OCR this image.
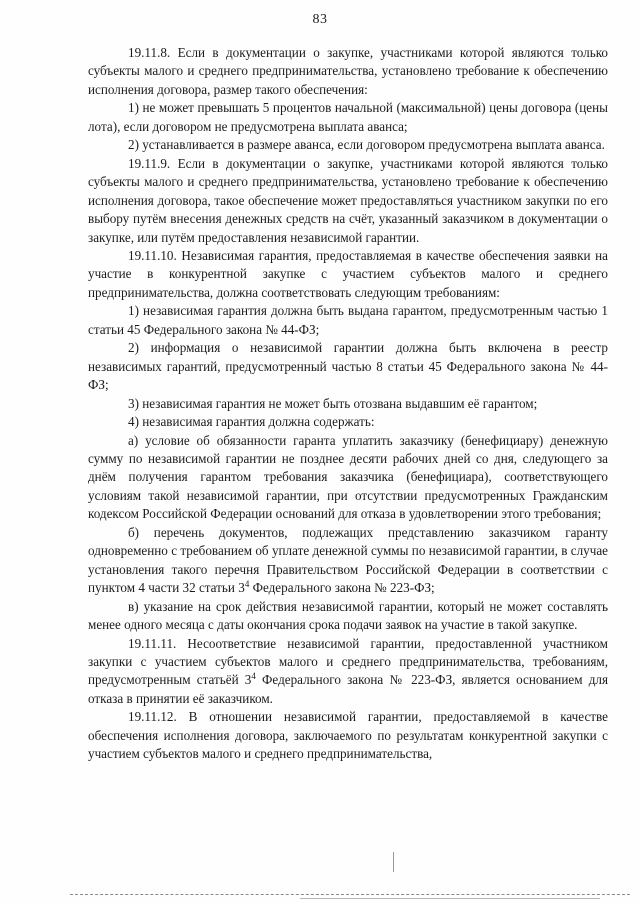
83

19.11.8. Если в документации о закупке, участниками которой являются только субъекты малого и среднего предпринимательства, установлено требование к обеспечению исполнения договора, размер такого обеспечения:

1) не может превышать 5 процентов начальной (максимальной) цены договора (цены лота), если договором не предусмотрена выплата аванса;

2) устанавливается в размере аванса, если договором предусмотрена выплата аванса.

19.11.9. Если в документации о закупке, участниками которой являются только субъекты малого и среднего предпринимательства, установлено требование к обеспечению исполнения договора, такое обеспечение может предоставляться участником закупки по его выбору путём внесения денежных средств на счёт, указанный заказчиком в документации о закупке, или путём предоставления независимой гарантии.

19.11.10. Независимая гарантия, предоставляемая в качестве обеспечения заявки на участие в конкурентной закупке с участием субъектов малого и среднего предпринимательства, должна соответствовать следующим требованиям:

1) независимая гарантия должна быть выдана гарантом, предусмотренным частью 1 статьи 45 Федерального закона № 44-ФЗ;

2) информация о независимой гарантии должна быть включена в реестр независимых гарантий, предусмотренный частью 8 статьи 45 Федерального закона № 44-ФЗ;

3) независимая гарантия не может быть отозвана выдавшим её гарантом;

4) независимая гарантия должна содержать:

а) условие об обязанности гаранта уплатить заказчику (бенефициару) денежную сумму по независимой гарантии не позднее десяти рабочих дней со дня, следующего за днём получения гарантом требования заказчика (бенефициара), соответствующего условиям такой независимой гарантии, при отсутствии предусмотренных Гражданским кодексом Российской Федерации оснований для отказа в удовлетворении этого требования;

б) перечень документов, подлежащих представлению заказчиком гаранту одновременно с требованием об уплате денежной суммы по независимой гарантии, в случае установления такого перечня Правительством Российской Федерации в соответствии с пунктом 4 части 32 статьи $3^4$ Федерального закона № 223-ФЗ;

в) указание на срок действия независимой гарантии, который не может составлять менее одного месяца с даты окончания срока подачи заявок на участие в такой закупке.

19.11.11. Несоответствие независимой гарантии, предоставленной участником закупки с участием субъектов малого и среднего предпринимательства, требованиям, предусмотренным статьёй $3^4$ Федерального закона № 223-ФЗ, является основанием для отказа в принятии её заказчиком.

19.11.12. В отношении независимой гарантии, предоставляемой в качестве обеспечения исполнения договора, заключаемого по результатам конкурентной закупки с участием субъектов малого и среднего предпринимательства,
